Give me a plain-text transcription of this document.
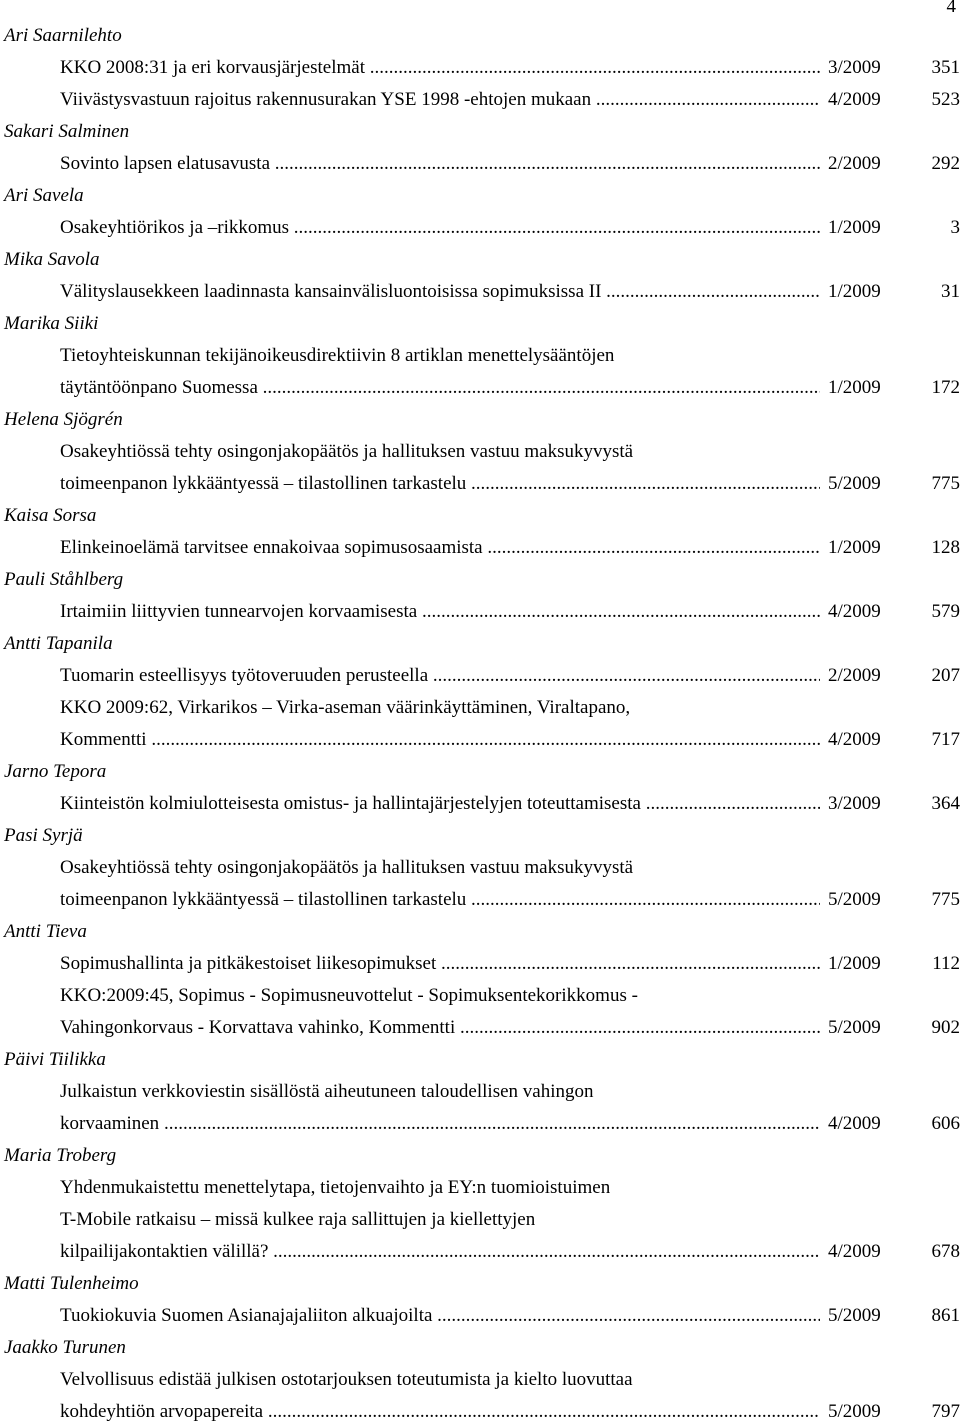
4
Ari Saarnilehto
KKO 2008:31 ja eri korvausjärjestelmät .....	3/2009	351
Viivästysvastuun rajoitus rakennusurakan YSE 1998 -ehtojen mukaan .....	4/2009	523
Sakari Salminen
Sovinto lapsen elatusavusta .....	2/2009	292
Ari Savela
Osakeyhtiörikos ja –rikkomus .....	1/2009	3
Mika Savola
Välityslausekkeen laadinnasta kansainvälisluontoisissa sopimuksissa II .....	1/2009	31
Marika Siiki
Tietoyhteiskunnan tekijänoikeusdirektiivin 8 artiklan menettelysääntöjen
täytäntöönpano Suomessa .....	1/2009	172
Helena Sjögrén
Osakeyhtiössä tehty osingonjakopäätös ja hallituksen vastuu maksukyvystä
toimeenpanon lykkääntyessä – tilastollinen tarkastelu .....	5/2009	775
Kaisa Sorsa
Elinkeinoelämä tarvitsee ennakoivaa sopimusosaamista .....	1/2009	128
Pauli Ståhlberg
Irtaimiin liittyvien tunnearvojen korvaamisesta .....	4/2009	579
Antti Tapanila
Tuomarin esteellisyys työtoveruuden perusteella .....	2/2009	207
KKO 2009:62, Virkarikos – Virka-aseman väärinkäyttäminen, Viraltapano,
Kommentti .....	4/2009	717
Jarno Tepora
Kiinteistön kolmiulotteisesta omistus- ja hallintajärjestelyjen toteuttamisesta .....	3/2009	364
Pasi Syrjä
Osakeyhtiössä tehty osingonjakopäätös ja hallituksen vastuu maksukyvystä
toimeenpanon lykkääntyessä – tilastollinen tarkastelu .....	5/2009	775
Antti Tieva
Sopimushallinta ja pitkäkestoiset liikesopimukset .....	1/2009	112
KKO:2009:45, Sopimus - Sopimusneuvottelut - Sopimuksentekorikkomus -
Vahingonkorvaus - Korvattava vahinko, Kommentti .....	5/2009	902
Päivi Tiilikka
Julkaistun verkkoviestin sisällöstä aiheutuneen taloudellisen vahingon
korvaaminen .....	4/2009	606
Maria Troberg
Yhdenmukaistettu menettelytapa, tietojenvaihto ja EY:n tuomioistuimen
T-Mobile ratkaisu – missä kulkee raja sallittujen ja kiellettyjen
kilpailijakontaktien välillä? .....	4/2009	678
Matti Tulenheimo
Tuokiokuvia Suomen Asianajajaliiton alkuajoilta .....	5/2009	861
Jaakko Turunen
Velvollisuus edistää julkisen ostotarjouksen toteutumista ja kielto luovuttaa
kohdeyhtiön arvopapereita .....	5/2009	797
